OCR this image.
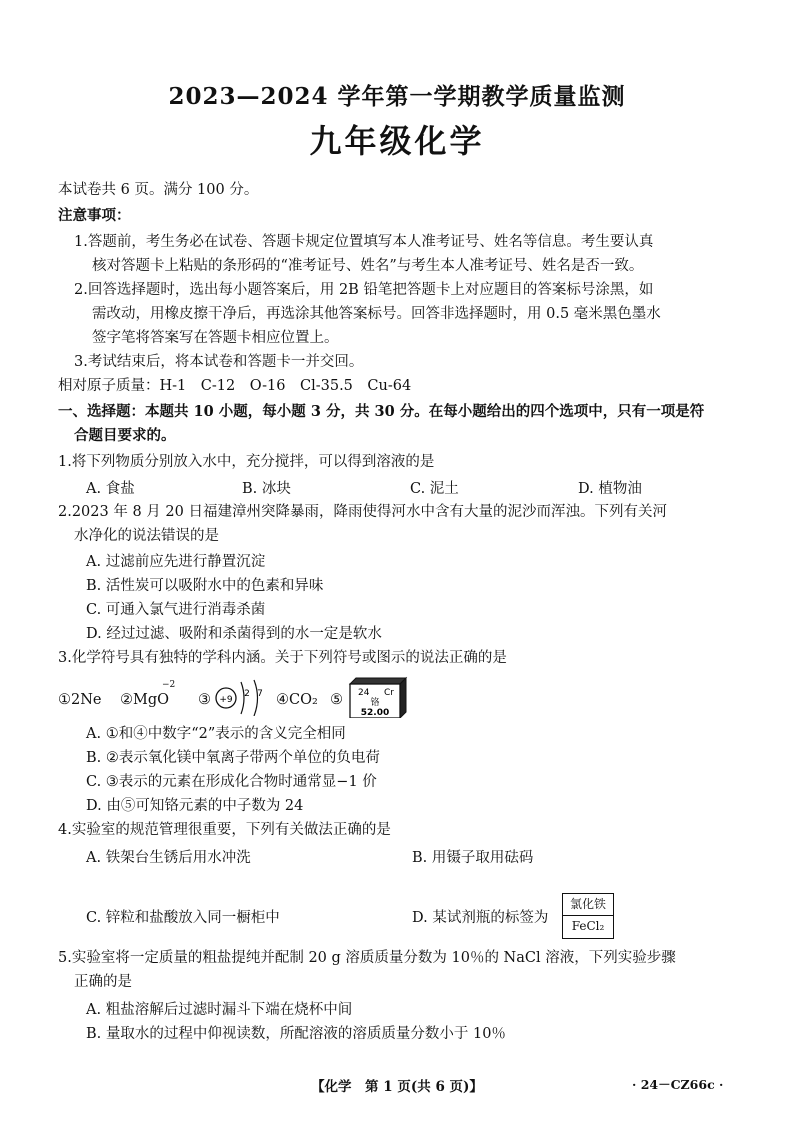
2023—2024 学年第一学期教学质量监测
九年级化学
本试卷共 6 页。满分 100 分。
注意事项：
1.答题前，考生务必在试卷、答题卡规定位置填写本人准考证号、姓名等信息。考生要认真
核对答题卡上粘贴的条形码的“准考证号、姓名”与考生本人准考证号、姓名是否一致。
2.回答选择题时，选出每小题答案后，用 2B 铅笔把答题卡上对应题目的答案标号涂黑，如
需改动，用橡皮擦干净后，再选涂其他答案标号。回答非选择题时，用 0.5 毫米黑色墨水
签字笔将答案写在答题卡相应位置上。
3.考试结束后，将本试卷和答题卡一并交回。
相对原子质量：H-1　C-12　O-16　Cl-35.5　Cu-64
一、选择题：本题共 10 小题，每小题 3 分，共 30 分。在每小题给出的四个选项中，只有一项是符
合题目要求的。
1.将下列物质分别放入水中，充分搅拌，可以得到溶液的是
A. 食盐	B. 冰块	C. 泥土	D. 植物油
2.2023 年 8 月 20 日福建漳州突降暴雨，降雨使得河水中含有大量的泥沙而浑浊。下列有关河
水净化的说法错误的是
A. 过滤前应先进行静置沉淀
B. 活性炭可以吸附水中的色素和异味
C. 可通入氯气进行消毒杀菌
D. 经过过滤、吸附和杀菌得到的水一定是软水
3.化学符号具有独特的学科内涵。关于下列符号或图示的说法正确的是
①2Ne ②MgO
−2
③ +9
2 7 ④CO₂ ⑤ 24 Cr
铬
52.00
A. ①和④中数字“2”表示的含义完全相同
B. ②表示氧化镁中氧离子带两个单位的负电荷
C. ③表示的元素在形成化合物时通常显−1 价
D. 由⑤可知铬元素的中子数为 24
4.实验室的规范管理很重要，下列有关做法正确的是
A. 铁架台生锈后用水冲洗	B. 用镊子取用砝码
C. 锌粒和盐酸放入同一橱柜中	D. 某试剂瓶的标签为
氯化铁
FeCl₂
5.实验室将一定质量的粗盐提纯并配制 20 g 溶质质量分数为 10％的 NaCl 溶液，下列实验步骤
正确的是
A. 粗盐溶解后过滤时漏斗下端在烧杯中间
B. 量取水的过程中仰视读数，所配溶液的溶质质量分数小于 10％
【化学　第 1 页(共 6 页)】	· 24－CZ66c ·
